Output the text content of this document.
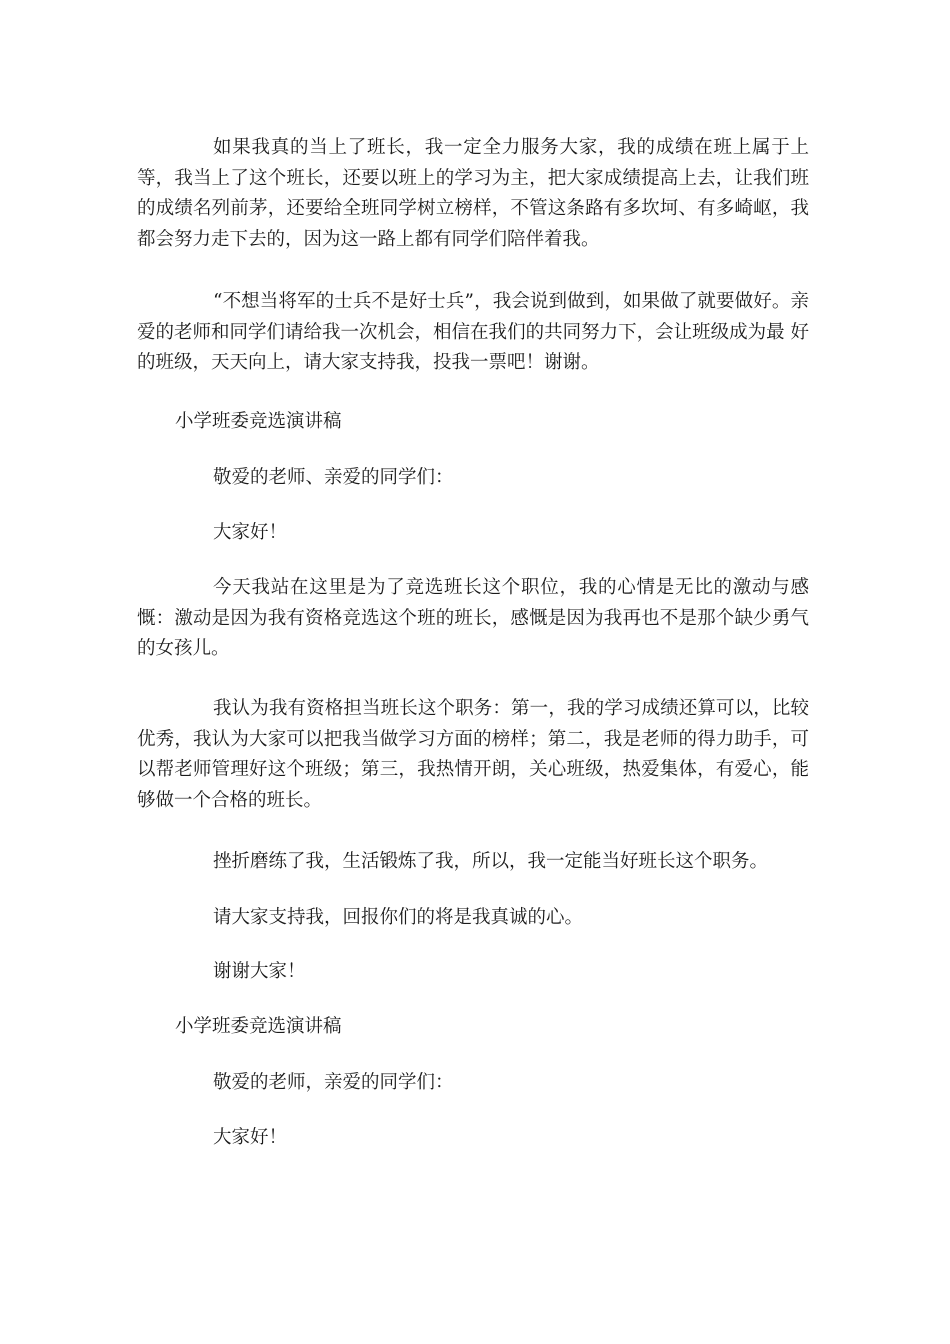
如果我真的当上了班长，我一定全力服务大家，我的成绩在班上属于上等，我当上了这个班长，还要以班上的学习为主，把大家成绩提高上去，让我们班的成绩名列前茅，还要给全班同学树立榜样，不管这条路有多坎坷、有多崎岖，我都会努力走下去的，因为这一路上都有同学们陪伴着我。

“不想当将军的士兵不是好士兵”，我会说到做到，如果做了就要做好。亲爱的老师和同学们请给我一次机会，相信在我们的共同努力下，会让班级成为最 好的班级，天天向上，请大家支持我，投我一票吧！谢谢。

小学班委竞选演讲稿

敬爱的老师、亲爱的同学们：

大家好！

今天我站在这里是为了竞选班长这个职位，我的心情是无比的激动与感慨：激动是因为我有资格竞选这个班的班长，感慨是因为我再也不是那个缺少勇气的女孩儿。

我认为我有资格担当班长这个职务：第一，我的学习成绩还算可以，比较优秀，我认为大家可以把我当做学习方面的榜样；第二，我是老师的得力助手，可以帮老师管理好这个班级；第三，我热情开朗，关心班级，热爱集体，有爱心，能够做一个合格的班长。

挫折磨练了我，生活锻炼了我，所以，我一定能当好班长这个职务。

请大家支持我，回报你们的将是我真诚的心。

谢谢大家！

小学班委竞选演讲稿

敬爱的老师，亲爱的同学们：

大家好！
